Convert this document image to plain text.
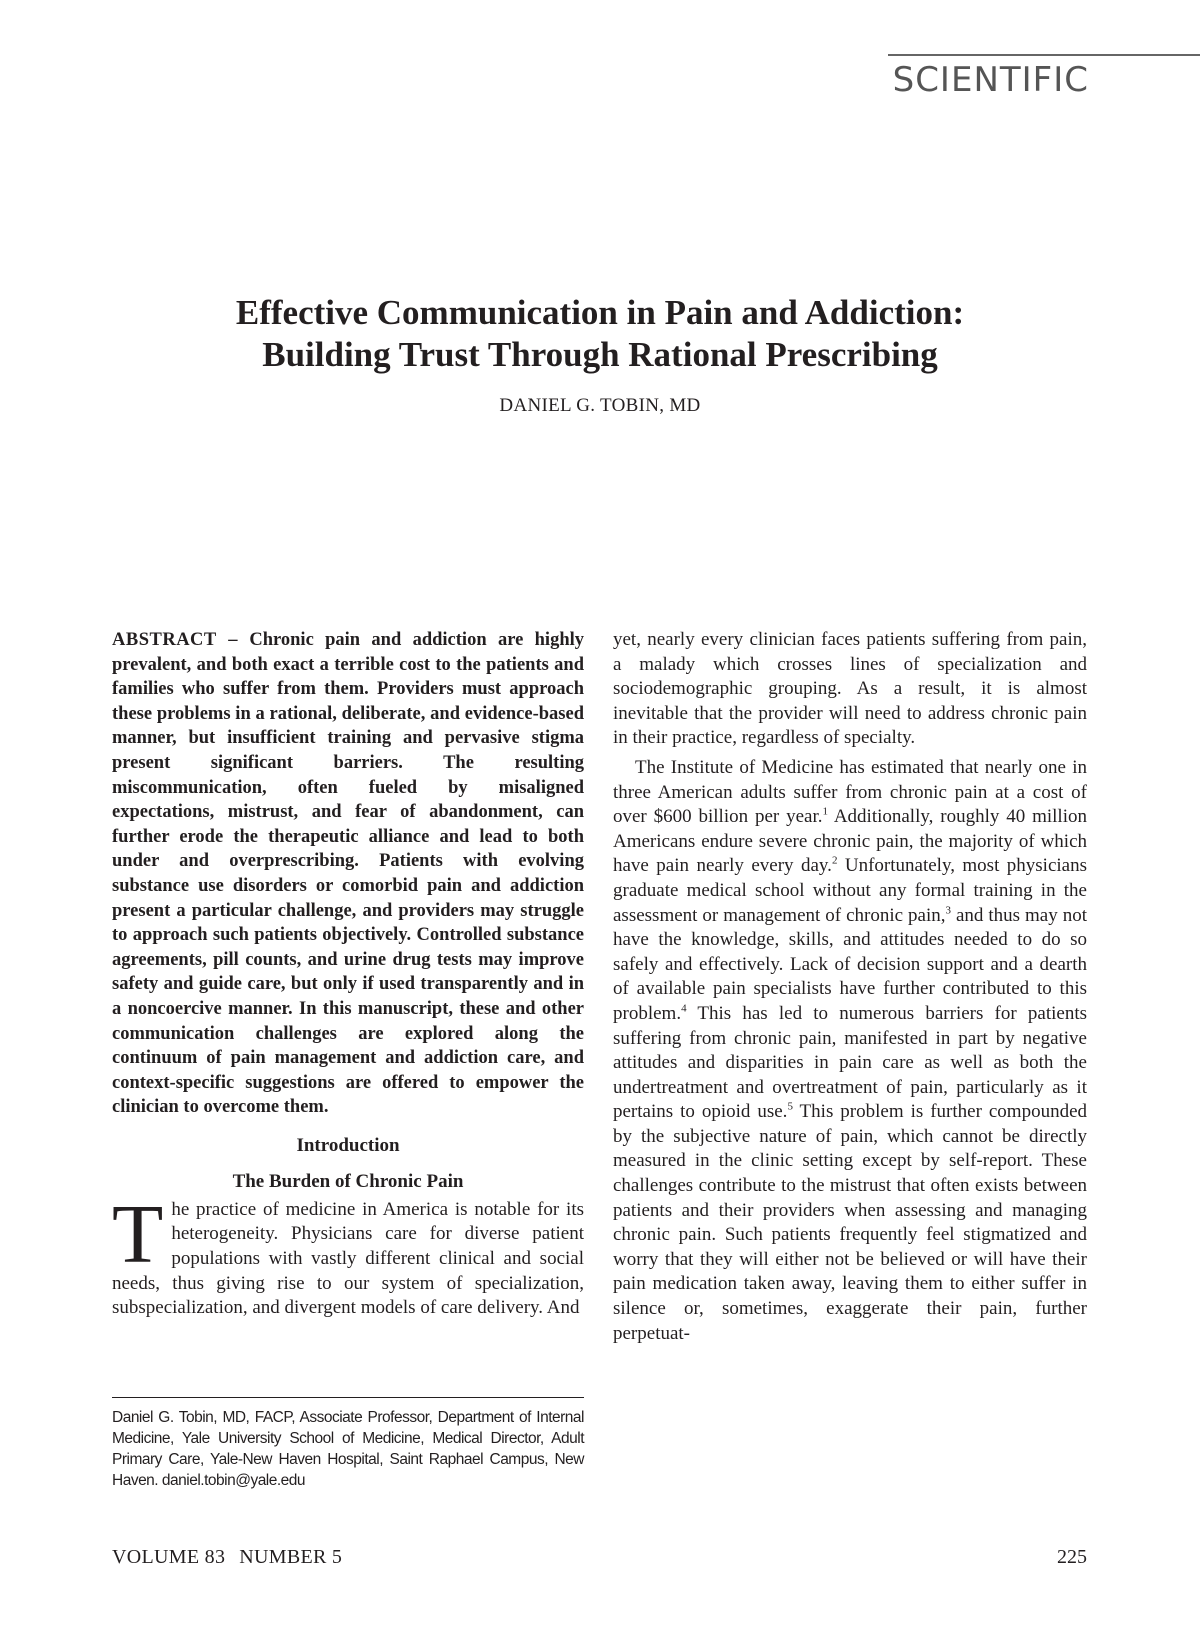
SCIENTIFIC
Effective Communication in Pain and Addiction:
Building Trust Through Rational Prescribing
DANIEL G. TOBIN, MD

ABSTRACT – Chronic pain and addiction are highly prevalent, and both exact a terrible cost to the patients and families who suffer from them. Providers must approach these problems in a rational, deliberate, and evidence-based manner, but insufficient training and pervasive stigma present significant barriers. The resulting miscommunication, often fueled by misaligned expectations, mistrust, and fear of abandonment, can further erode the therapeutic alliance and lead to both under and overprescribing. Patients with evolving substance use disorders or comorbid pain and addiction present a particular challenge, and providers may struggle to approach such patients objectively. Controlled substance agreements, pill counts, and urine drug tests may improve safety and guide care, but only if used transparently and in a noncoercive manner. In this manuscript, these and other communication challenges are explored along the continuum of pain management and addiction care, and context-specific suggestions are offered to empower the clinician to overcome them.

Introduction

The Burden of Chronic Pain

The practice of medicine in America is notable for its heterogeneity. Physicians care for diverse patient populations with vastly different clinical and social needs, thus giving rise to our system of specialization, subspecialization, and divergent models of care delivery. And

Daniel G. Tobin, MD, FACP, Associate Professor, Department of Internal Medicine, Yale University School of Medicine, Medical Director, Adult Primary Care, Yale-New Haven Hospital, Saint Raphael Campus, New Haven. daniel.tobin@yale.edu

yet, nearly every clinician faces patients suffering from pain, a malady which crosses lines of specialization and sociodemographic grouping. As a result, it is almost inevitable that the provider will need to address chronic pain in their practice, regardless of specialty.

The Institute of Medicine has estimated that nearly one in three American adults suffer from chronic pain at a cost of over $600 billion per year.$^1$ Additionally, roughly 40 million Americans endure severe chronic pain, the majority of which have pain nearly every day.$^2$ Unfortunately, most physicians graduate medical school without any formal training in the assessment or management of chronic pain,$^3$ and thus may not have the knowledge, skills, and attitudes needed to do so safely and effectively. Lack of decision support and a dearth of available pain specialists have further contributed to this problem.$^4$ This has led to numerous barriers for patients suffering from chronic pain, manifested in part by negative attitudes and disparities in pain care as well as both the undertreatment and overtreatment of pain, particularly as it pertains to opioid use.$^5$ This problem is further compounded by the subjective nature of pain, which cannot be directly measured in the clinic setting except by self-report. These challenges contribute to the mistrust that often exists between patients and their providers when assessing and managing chronic pain. Such patients frequently feel stigmatized and worry that they will either not be believed or will have their pain medication taken away, leaving them to either suffer in silence or, sometimes, exaggerate their pain, further perpetuat-

VOLUME 83 NUMBER 5	225
